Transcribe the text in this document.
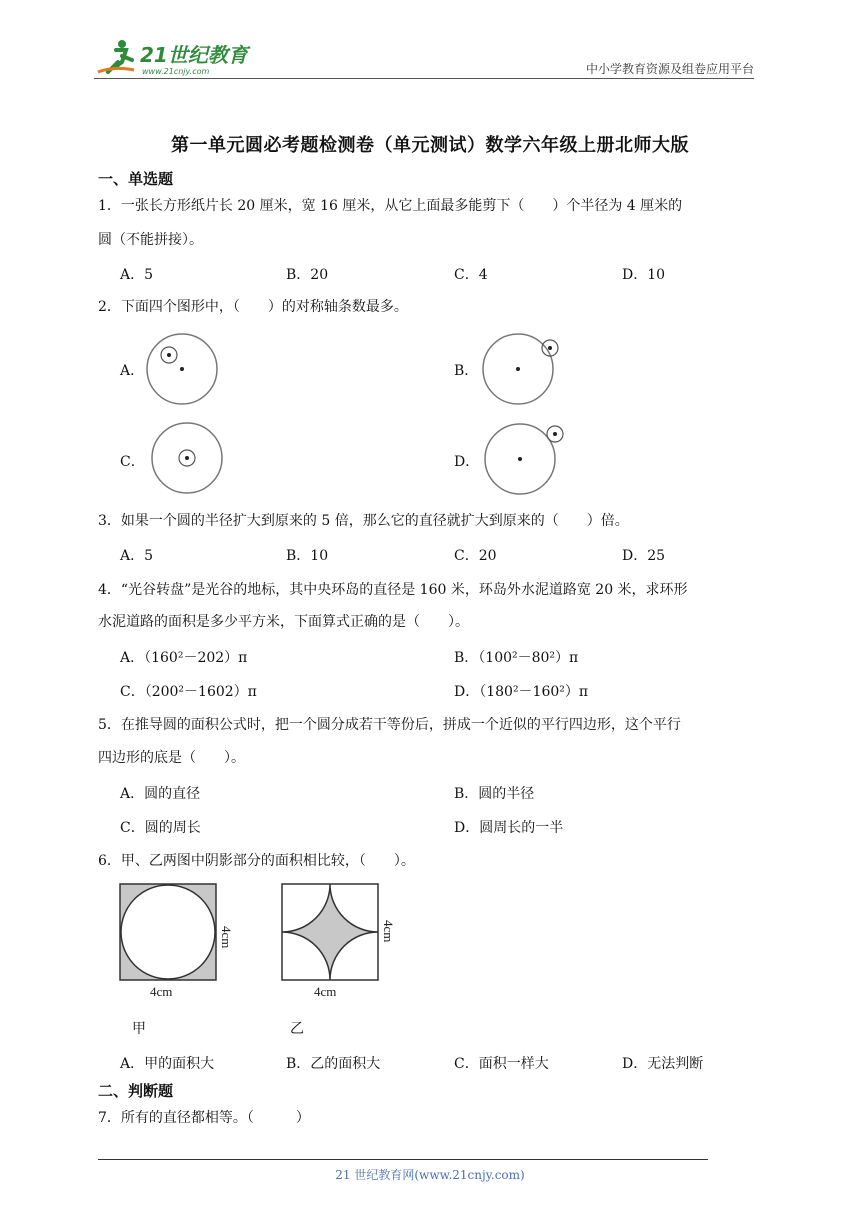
21世纪教育
www.21cnjy.com	中小学教育资源及组卷应用平台
第一单元圆必考题检测卷（单元测试）数学六年级上册北师大版
一、单选题
1．一张长方形纸片长 20 厘米，宽 16 厘米，从它上面最多能剪下（　　）个半径为 4 厘米的
圆（不能拼接）。
A．5	B．20	C．4	D．10
2．下面四个图形中，（　　）的对称轴条数最多。
A．	B．
C．	D．
3．如果一个圆的半径扩大到原来的 5 倍，那么它的直径就扩大到原来的（　　）倍。
A．5	B．10	C．20	D．25
4．“光谷转盘”是光谷的地标，其中央环岛的直径是 160 米，环岛外水泥道路宽 20 米，求环形
水泥道路的面积是多少平方米，下面算式正确的是（　　）。
A．（160²－202）π	B．（100²－80²）π
C．（200²－1602）π	D．（180²－160²）π
5．在推导圆的面积公式时，把一个圆分成若干等份后，拼成一个近似的平行四边形，这个平行
四边形的底是（　　）。
A．圆的直径	B．圆的半径
C．圆的周长	D．圆周长的一半
6．甲、乙两图中阴影部分的面积相比较，（　　）。
4cm
4cm
4cm
4cm
甲	乙
A．甲的面积大	B．乙的面积大	C．面积一样大	D．无法判断
二、判断题
7．所有的直径都相等。（　　　）
21 世纪教育网(www.21cnjy.com)
